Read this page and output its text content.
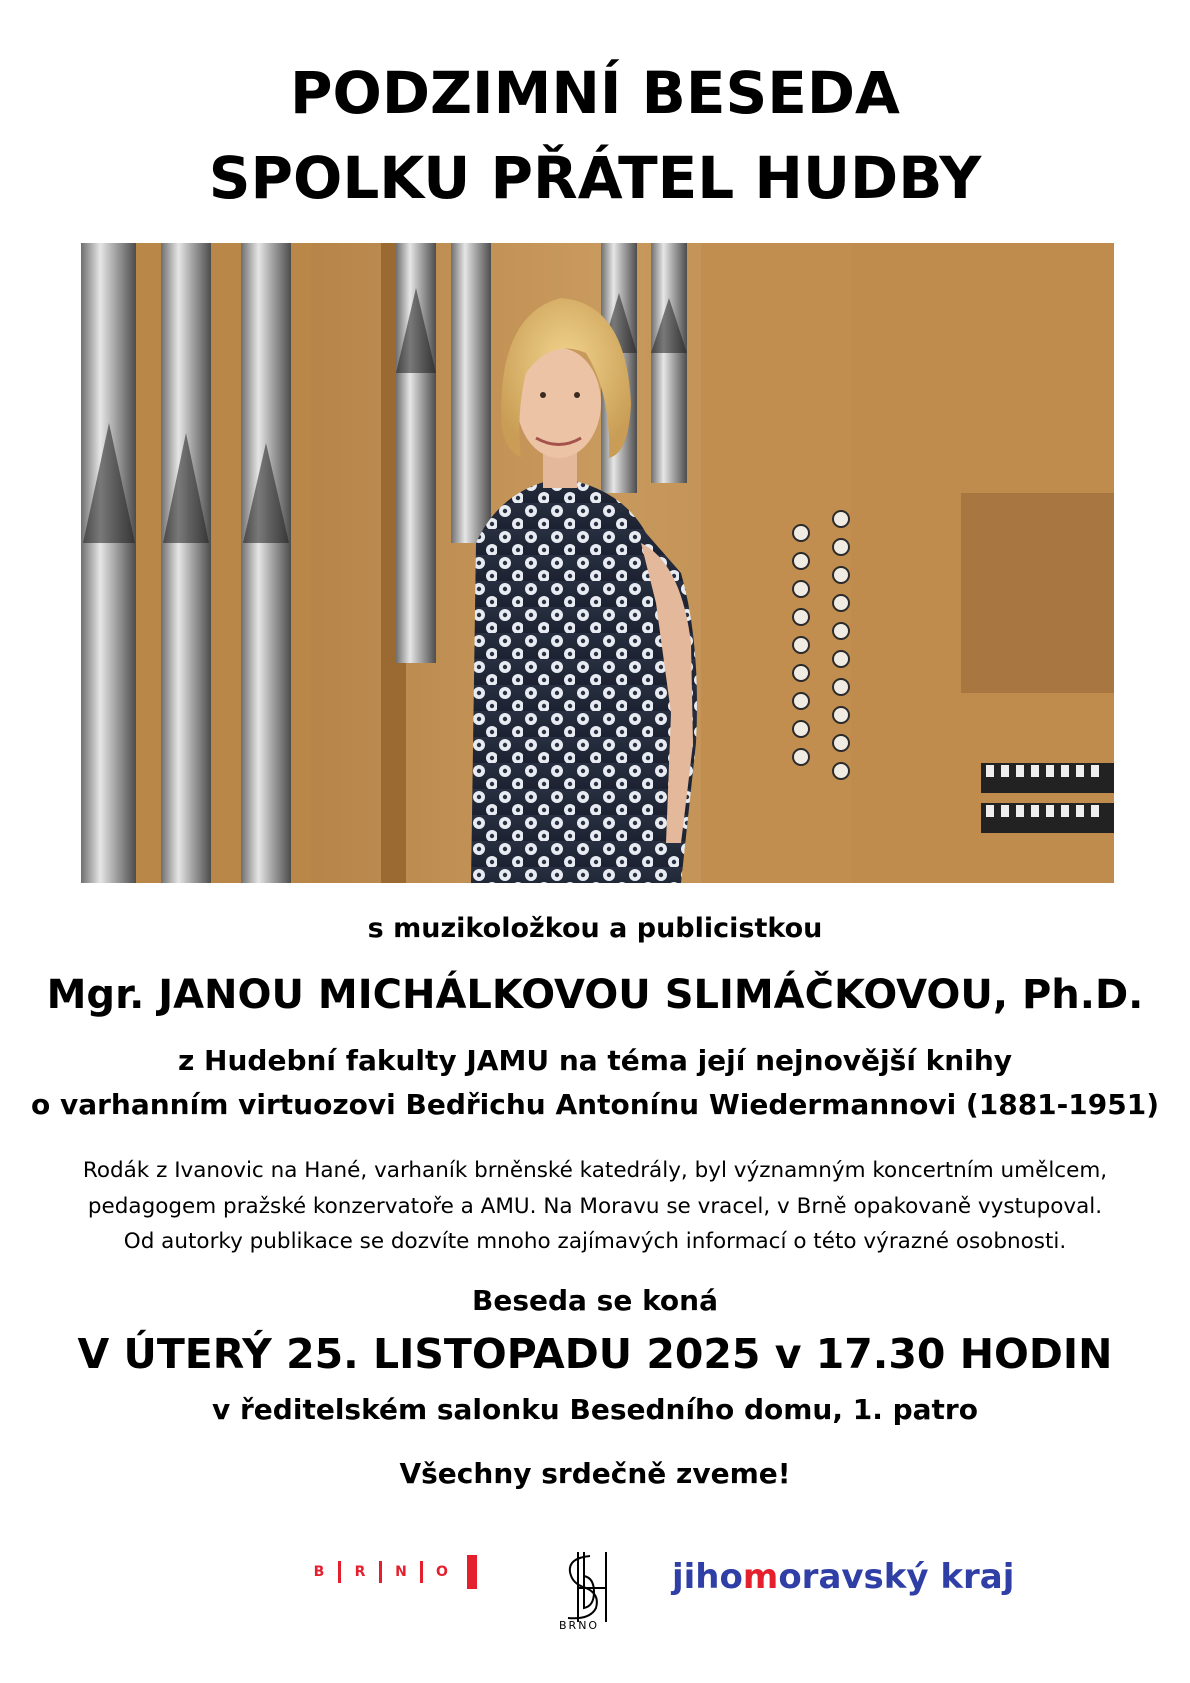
PODZIMNÍ BESEDA
SPOLKU PŘÁTEL HUDBY
s muzikoložkou a publicistkou
Mgr. JANOU MICHÁLKOVOU SLIMÁČKOVOU, Ph.D.
z Hudební fakulty JAMU na téma její nejnovější knihy
o varhanním virtuozovi Bedřichu Antonínu Wiedermannovi (1881-1951)
Rodák z Ivanovic na Hané, varhaník brněnské katedrály, byl významným koncertním umělcem,
pedagogem pražské konzervatoře a AMU. Na Moravu se vracel, v Brně opakovaně vystupoval.
Od autorky publikace se dozvíte mnoho zajímavých informací o této výrazné osobnosti.
Beseda se koná
V ÚTERÝ 25. LISTOPADU 2025 v 17.30 HODIN
v ředitelském salonku Besedního domu, 1. patro
Všechny srdečně zveme!
B	R	N	O
BRNO
jihomoravský kraj
